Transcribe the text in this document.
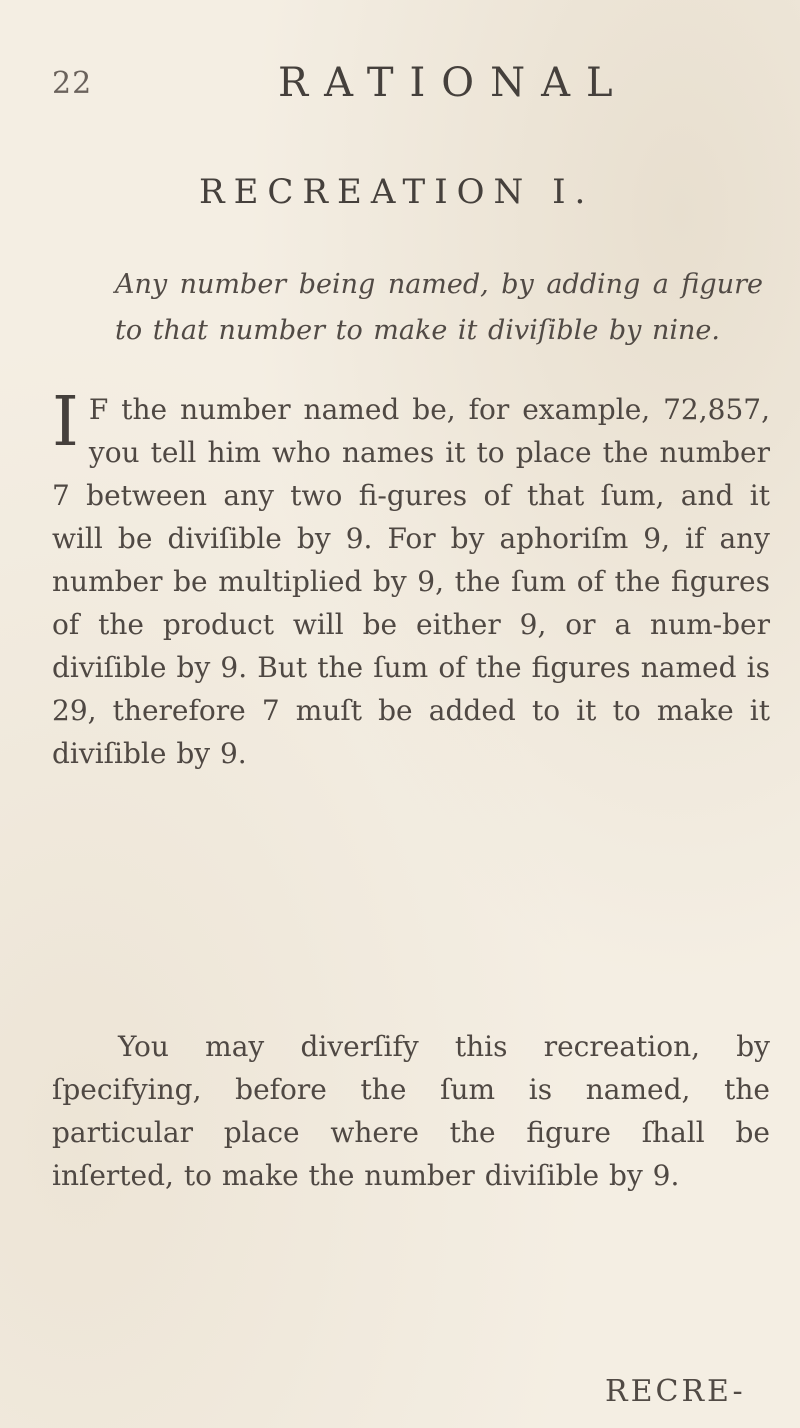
22	RATIONAL
RECREATION I.
Any number being named, by adding a figure to that number to make it diviſible by nine.
I F the number named be, for example, 72,857, you tell him who names it to place the number 7 between any two fi-gures of that ſum, and it will be diviſible by 9. For by aphoriſm 9, if any number be multiplied by 9, the ſum of the figures of the product will be either 9, or a num-ber diviſible by 9. But the ſum of the figures named is 29, therefore 7 muſt be added to it to make it diviſible by 9.
You may diverſify this recreation, by ſpecifying, before the ſum is named, the particular place where the figure ſhall be inſerted, to make the number diviſible by 9.
RECRE-
